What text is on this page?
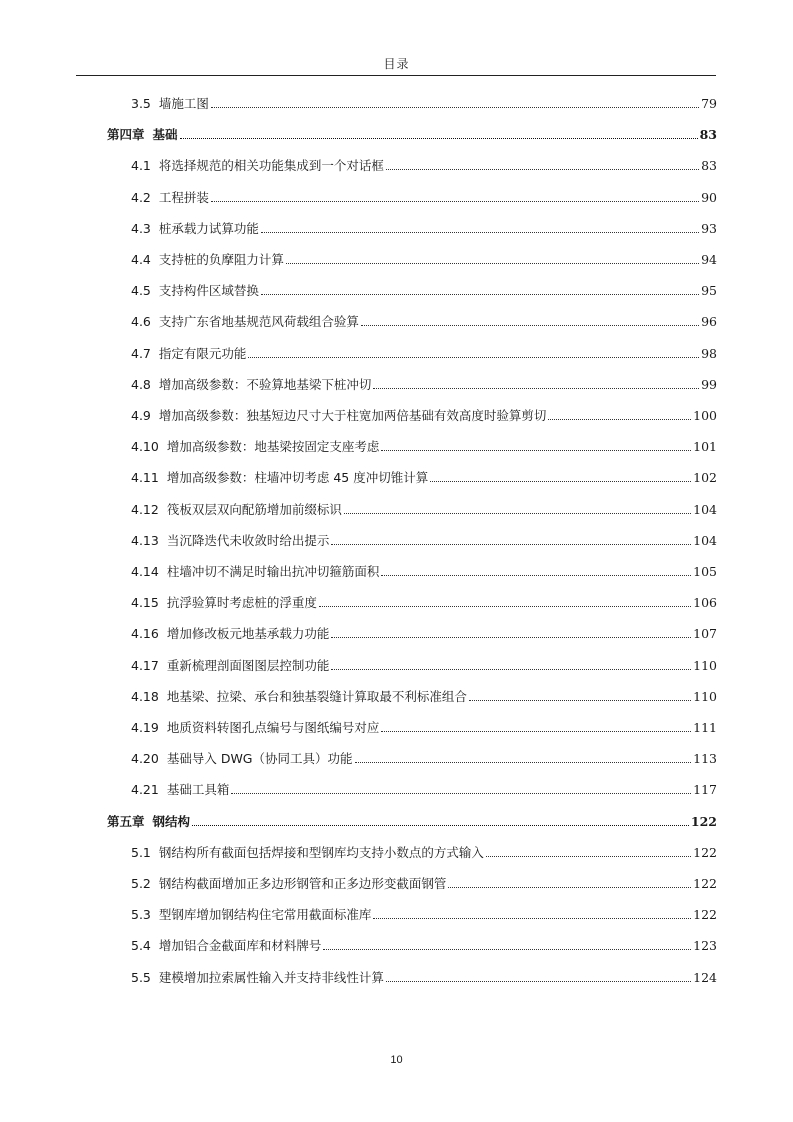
目录
3.5 墙施工图	79
第四章 基础	83
4.1 将选择规范的相关功能集成到一个对话框	83
4.2 工程拼装	90
4.3 桩承载力试算功能	93
4.4 支持桩的负摩阻力计算	94
4.5 支持构件区域替换	95
4.6 支持广东省地基规范风荷载组合验算	96
4.7 指定有限元功能	98
4.8 增加高级参数：不验算地基梁下桩冲切	99
4.9 增加高级参数：独基短边尺寸大于柱宽加两倍基础有效高度时验算剪切	100
4.10 增加高级参数：地基梁按固定支座考虑	101
4.11 增加高级参数：柱墙冲切考虑 45 度冲切锥计算	102
4.12 筏板双层双向配筋增加前缀标识	104
4.13 当沉降迭代未收敛时给出提示	104
4.14 柱墙冲切不满足时输出抗冲切箍筋面积	105
4.15 抗浮验算时考虑桩的浮重度	106
4.16 增加修改板元地基承载力功能	107
4.17 重新梳理剖面图图层控制功能	110
4.18 地基梁、拉梁、承台和独基裂缝计算取最不利标准组合	110
4.19 地质资料转图孔点编号与图纸编号对应	111
4.20 基础导入 DWG（协同工具）功能	113
4.21 基础工具箱	117
第五章 钢结构	122
5.1 钢结构所有截面包括焊接和型钢库均支持小数点的方式输入	122
5.2 钢结构截面增加正多边形钢管和正多边形变截面钢管	122
5.3 型钢库增加钢结构住宅常用截面标准库	122
5.4 增加铝合金截面库和材料牌号	123
5.5 建模增加拉索属性输入并支持非线性计算	124
10
